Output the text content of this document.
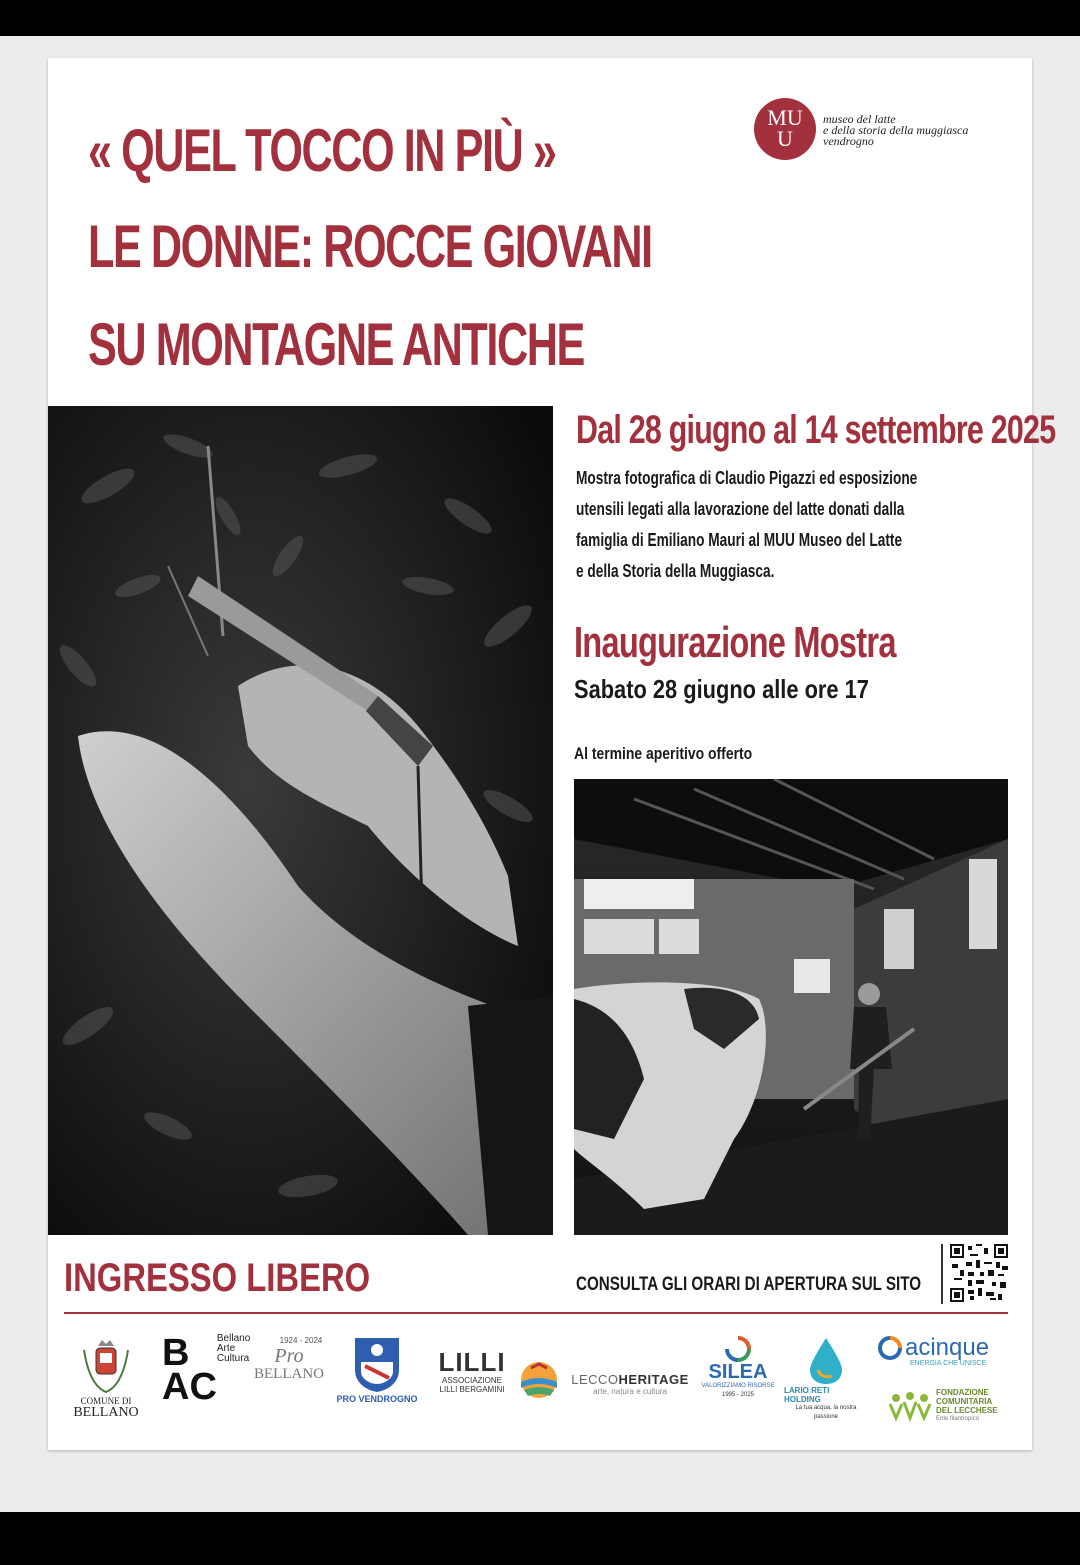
« QUEL TOCCO IN PIÙ »
LE DONNE: ROCCE GIOVANI
SU MONTAGNE ANTICHE
MU U
museo del latte
e della storia della muggiasca
vendrogno
Dal 28 giugno al 14 settembre 2025
Mostra fotografica di Claudio Pigazzi ed esposizione
utensili legati alla lavorazione del latte donati dalla
famiglia di Emiliano Mauri al MUU Museo del Latte
e della Storia della Muggiasca.
Inaugurazione Mostra
Sabato 28 giugno alle ore 17
Al termine aperitivo offerto
INGRESSO LIBERO	CONSULTA GLI ORARI DI APERTURA SUL SITO
COMUNE DI
BELLANO
B
AC
Bellano
Arte
Cultura
1924 - 2024
Pro
BELLANO
PRO VENDROGNO
LILLI
ASSOCIAZIONE
LILLI BERGAMINI
LECCOHERITAGE
arte, natura e cultura
SILEA
VALORIZZIAMO RISORSE
1995 - 2025	LARIO RETI HOLDING
La tua acqua, la nostra passione
acinque
ENERGIA CHE UNISCE
FONDAZIONE
COMUNITARIA
DEL LECCHESE
Ente filantropico
